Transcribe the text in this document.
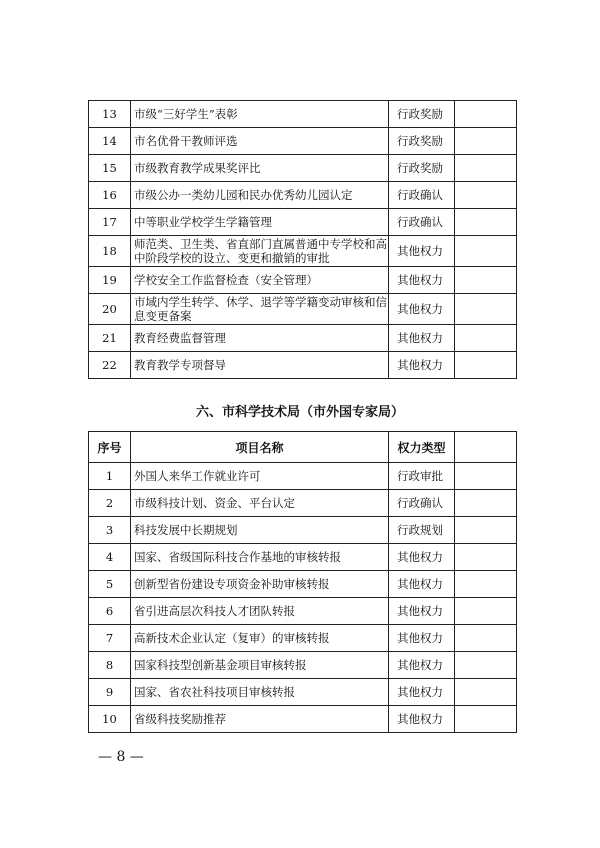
13	市级“三好学生”表彰	行政奖励	
14	市名优骨干教师评选	行政奖励	
15	市级教育教学成果奖评比	行政奖励	
16	市级公办一类幼儿园和民办优秀幼儿园认定	行政确认	
17	中等职业学校学生学籍管理	行政确认	
18	师范类、卫生类、省直部门直属普通中专学校和高中阶段学校的设立、变更和撤销的审批	其他权力	
19	学校安全工作监督检查（安全管理）	其他权力	
20	市域内学生转学、休学、退学等学籍变动审核和信息变更备案	其他权力	
21	教育经费监督管理	其他权力	
22	教育教学专项督导	其他权力	
六、市科学技术局（市外国专家局）
序号	项目名称	权力类型	
1	外国人来华工作就业许可	行政审批	
2	市级科技计划、资金、平台认定	行政确认	
3	科技发展中长期规划	行政规划	
4	国家、省级国际科技合作基地的审核转报	其他权力	
5	创新型省份建设专项资金补助审核转报	其他权力	
6	省引进高层次科技人才团队转报	其他权力	
7	高新技术企业认定（复审）的审核转报	其他权力	
8	国家科技型创新基金项目审核转报	其他权力	
9	国家、省农社科技项目审核转报	其他权力	
10	省级科技奖励推荐	其他权力	
— 8 —
